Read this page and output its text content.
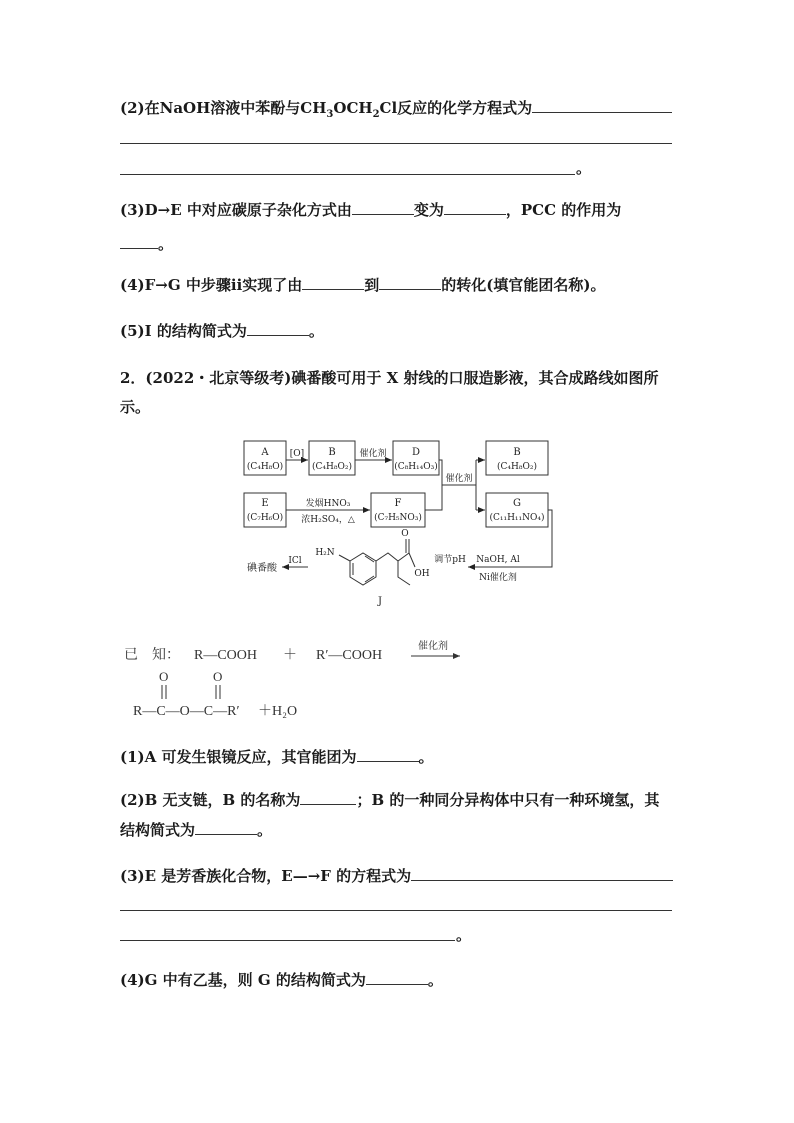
(2)在NaOH溶液中苯酚与$CH_3OCH_2Cl$反应的化学方程式为
。
(3)D→E 中对应碳原子杂化方式由	变为	，PCC 的作用为
。
(4)F→G 中步骤ⅱ实现了由	到	的转化(填官能团名称)。
(5)I 的结构简式为	。
2．(2022・北京等级考)碘番酸可用于 X 射线的口服造影液，其合成路线如图所
示。
A
(C₄H₈O)
B
(C₄H₈O₂)
D
(C₈H₁₄O₃)
B
(C₄H₈O₂)
E
(C₇H₆O)
F
(C₇H₅NO₃)
G
(C₁₁H₁₁NO₄)
[O]	催化剂
催化剂
发烟HNO₃
浓H₂SO₄，△
NaOH, Al
Ni催化剂
调节pH
ICl
碘番酸
J
H₂N
O
OH
已　知： R—COOH ＋ R′—COOH
催化剂
O	O
R—C—O—C—R′ ＋H₂O
(1)A 可发生银镜反应，其官能团为	。
(2)B 无支链，B 的名称为	；B 的一种同分异构体中只有一种环境氢，其
结构简式为	。
(3)E 是芳香族化合物，E—→F 的方程式为
。
(4)G 中有乙基，则 G 的结构简式为	。
